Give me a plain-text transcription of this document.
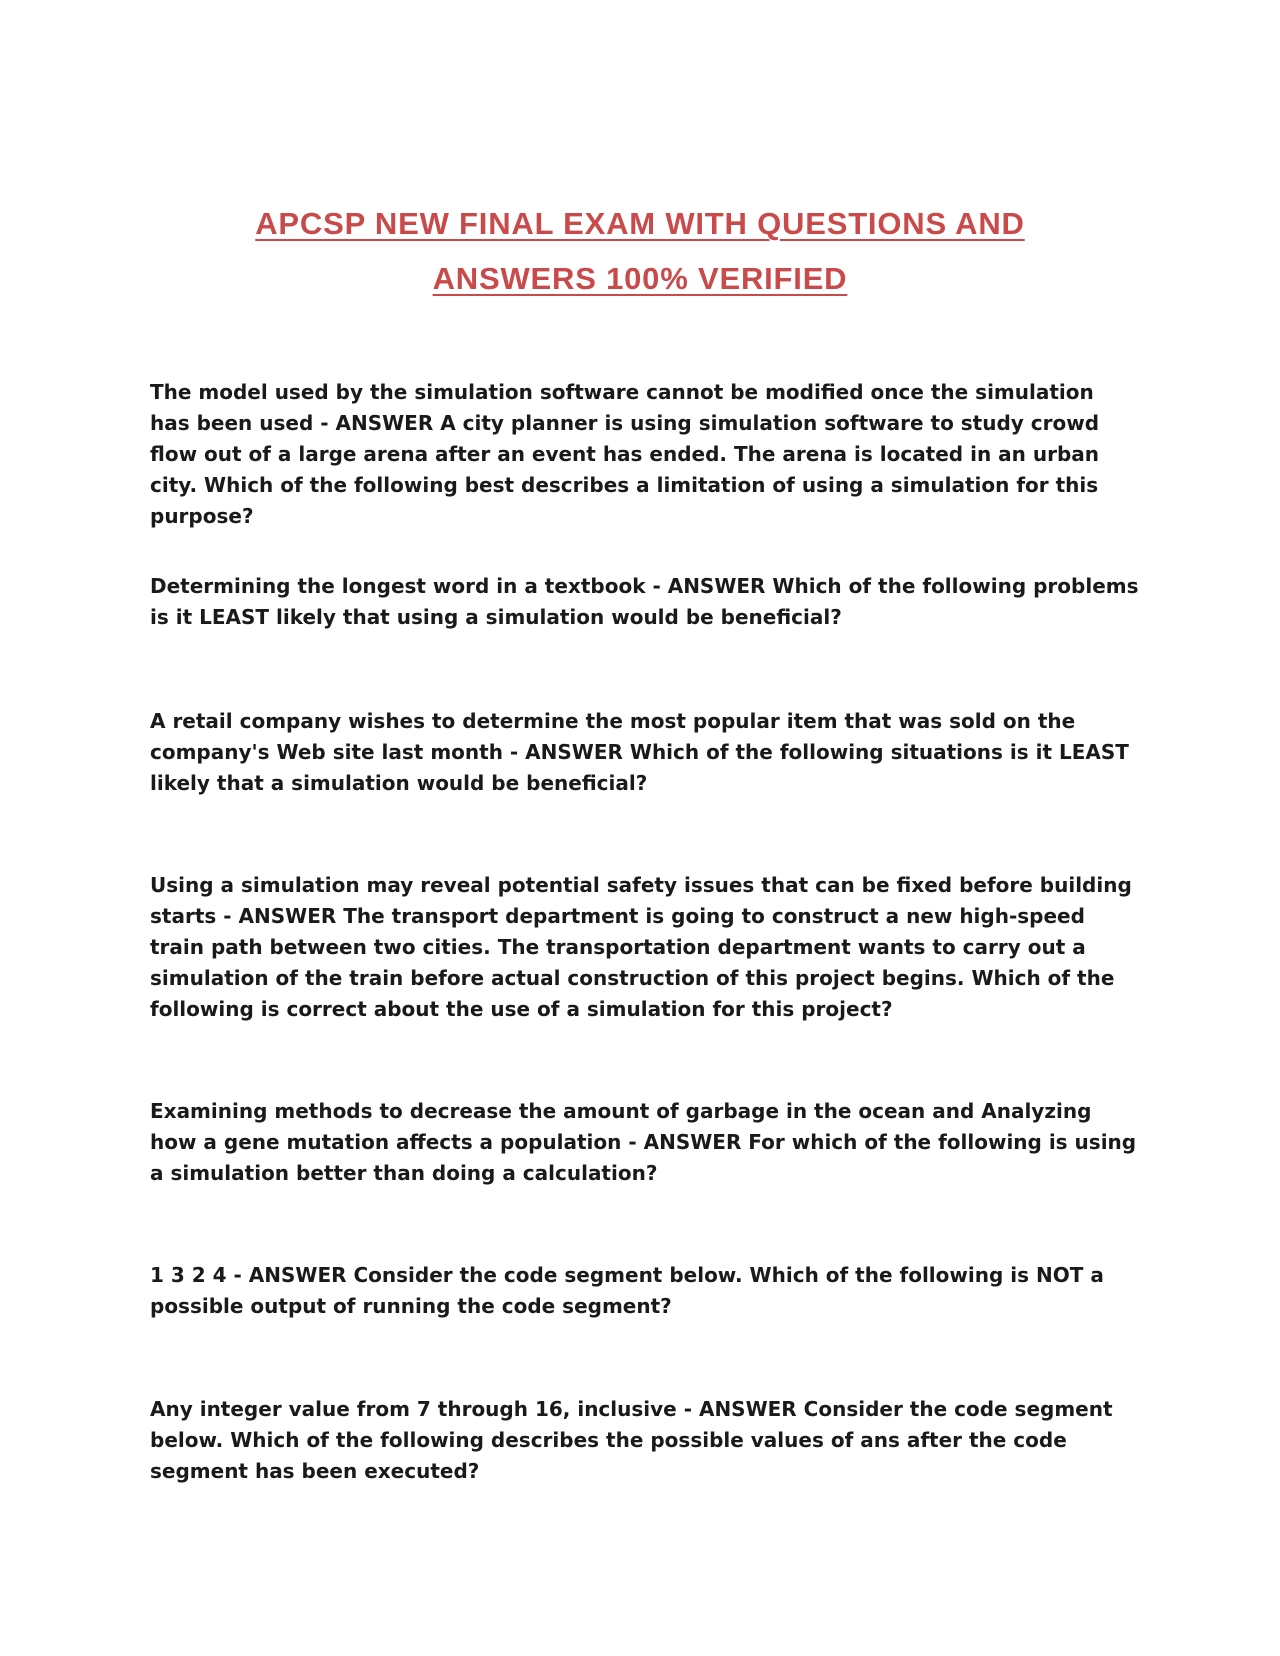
APCSP NEW FINAL EXAM WITH QUESTIONS AND
ANSWERS 100% VERIFIED

The model used by the simulation software cannot be modified once the simulation has been used - ANSWER A city planner is using simulation software to study crowd flow out of a large arena after an event has ended. The arena is located in an urban city. Which of the following best describes a limitation of using a simulation for this purpose?

Determining the longest word in a textbook - ANSWER Which of the following problems is it LEAST likely that using a simulation would be beneficial?

A retail company wishes to determine the most popular item that was sold on the company's Web site last month - ANSWER Which of the following situations is it LEAST likely that a simulation would be beneficial?

Using a simulation may reveal potential safety issues that can be fixed before building starts - ANSWER The transport department is going to construct a new high-speed train path between two cities. The transportation department wants to carry out a simulation of the train before actual construction of this project begins. Which of the following is correct about the use of a simulation for this project?

Examining methods to decrease the amount of garbage in the ocean and Analyzing how a gene mutation affects a population - ANSWER For which of the following is using a simulation better than doing a calculation?

1 3 2 4 - ANSWER Consider the code segment below. Which of the following is NOT a possible output of running the code segment?

Any integer value from 7 through 16, inclusive - ANSWER Consider the code segment below. Which of the following describes the possible values of ans after the code segment has been executed?
